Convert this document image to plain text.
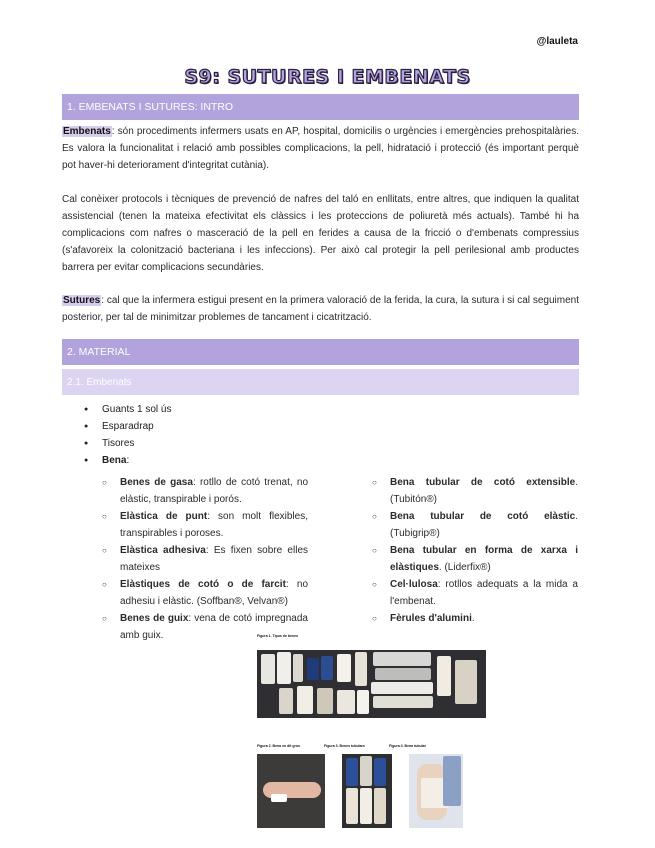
@lauleta
S9: SUTURES I EMBENATS
1. EMBENATS I SUTURES: INTRO
Embenats: són procediments infermers usats en AP, hospital, domicilis o urgències i emergències prehospitalàries. Es valora la funcionalitat i relació amb possibles complicacions, la pell, hidratació i protecció (és important perquè pot haver-hi deteriorament d'integritat cutània).
Cal conèixer protocols i tècniques de prevenció de nafres del taló en enllitats, entre altres, que indiquen la qualitat assistencial (tenen la mateixa efectivitat els clàssics i les proteccions de poliuretà més actuals). També hi ha complicacions com nafres o masceració de la pell en ferides a causa de la fricció o d'embenats compressius (s'afavoreix la colonització bacteriana i les infeccions). Per això cal protegir la pell perilesional amb productes barrera per evitar complicacions secundàries.
Sutures: cal que la infermera estigui present en la primera valoració de la ferida, la cura, la sutura i si cal seguiment posterior, per tal de minimitzar problemes de tancament i cicatrització.
2. MATERIAL
2.1. Embenats
● Guants 1 sol ús
● Esparadrap
● Tisores
● Bena:
○ Benes de gasa: rotllo de cotó trenat, no elàstic, transpirable i porós.
○ Elàstica de punt: son molt flexibles, transpirables i poroses.
○ Elàstica adhesiva: Es fixen sobre elles mateixes
○ Elàstiques de cotó o de farcit: no adhesiu i elàstic. (Soffban®, Velvan®)
○ Benes de guix: vena de cotó impregnada amb guix.
○ Bena tubular de cotó extensible. (Tubitón®)
○ Bena tubular de cotó elàstic. (Tubigrip®)
○ Bena tubular en forma de xarxa i elàstiques. (Liderfix®)
○ Cel·lulosa: rotllos adequats a la mida a l'embenat.
○ Fèrules d'alumini.
Figura 1. Tipus de benes
Figura 2. Bena en dit gros	Figura 3. Benes tubulars	Figura 4. Bena tubular
